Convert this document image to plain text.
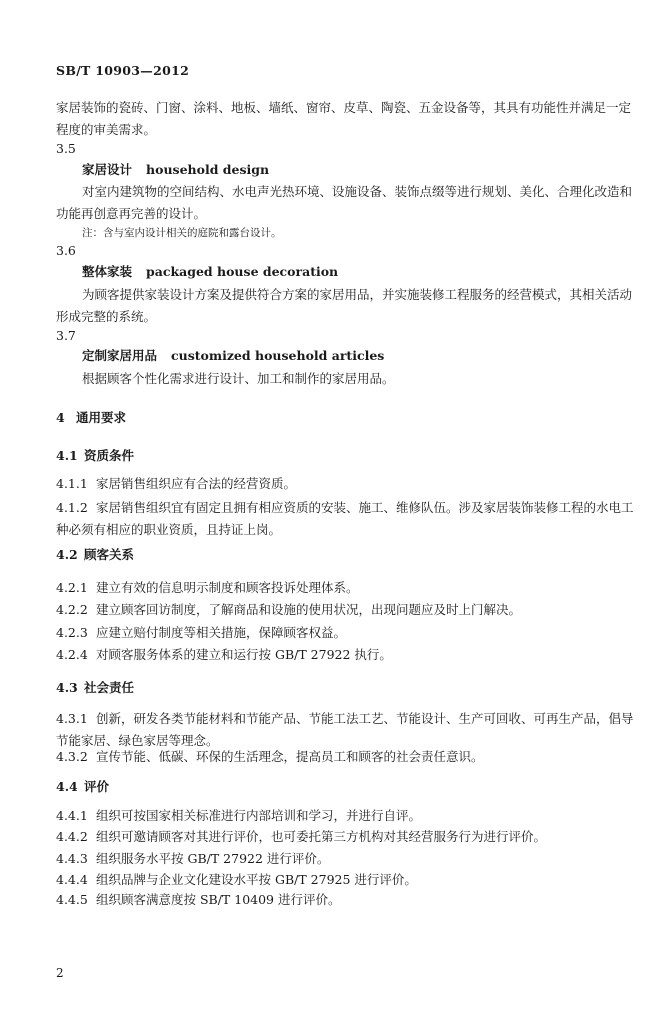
SB/T 10903—2012
家居装饰的瓷砖、门窗、涂料、地板、墙纸、窗帘、皮草、陶瓷、五金设备等，其具有功能性并满足一定程度的审美需求。
3.5
家居设计 household design
对室内建筑物的空间结构、水电声光热环境、设施设备、装饰点缀等进行规划、美化、合理化改造和功能再创意再完善的设计。
注：含与室内设计相关的庭院和露台设计。
3.6
整体家装 packaged house decoration
为顾客提供家装设计方案及提供符合方案的家居用品，并实施装修工程服务的经营模式，其相关活动形成完整的系统。
3.7
定制家居用品 customized household articles
根据顾客个性化需求进行设计、加工和制作的家居用品。
4 通用要求
4.1 资质条件
4.1.1 家居销售组织应有合法的经营资质。
4.1.2 家居销售组织宜有固定且拥有相应资质的安装、施工、维修队伍。涉及家居装饰装修工程的水电工种必须有相应的职业资质，且持证上岗。
4.2 顾客关系
4.2.1 建立有效的信息明示制度和顾客投诉处理体系。
4.2.2 建立顾客回访制度，了解商品和设施的使用状况，出现问题应及时上门解决。
4.2.3 应建立赔付制度等相关措施，保障顾客权益。
4.2.4 对顾客服务体系的建立和运行按 GB/T 27922 执行。
4.3 社会责任
4.3.1 创新，研发各类节能材料和节能产品、节能工法工艺、节能设计、生产可回收、可再生产品，倡导节能家居、绿色家居等理念。
4.3.2 宣传节能、低碳、环保的生活理念，提高员工和顾客的社会责任意识。
4.4 评价
4.4.1 组织可按国家相关标准进行内部培训和学习，并进行自评。
4.4.2 组织可邀请顾客对其进行评价，也可委托第三方机构对其经营服务行为进行评价。
4.4.3 组织服务水平按 GB/T 27922 进行评价。
4.4.4 组织品牌与企业文化建设水平按 GB/T 27925 进行评价。
4.4.5 组织顾客满意度按 SB/T 10409 进行评价。
2
